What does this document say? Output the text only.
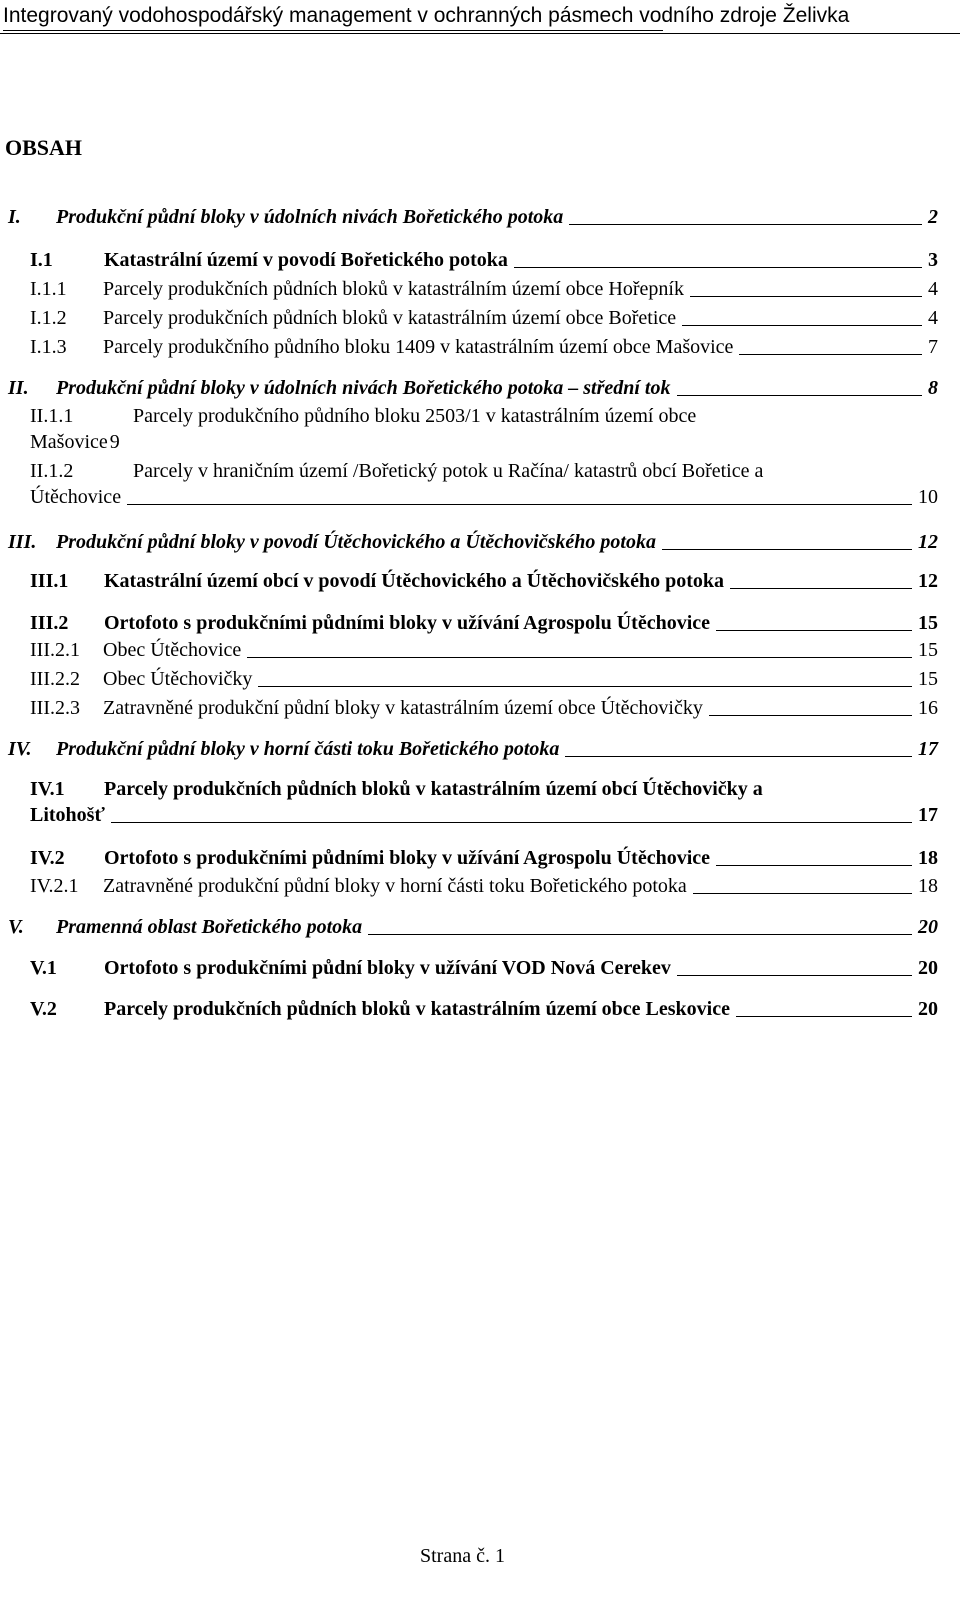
Integrovaný vodohospodářský management v ochranných pásmech vodního zdroje Želivka
OBSAH
I.	Produkční půdní bloky v údolních nivách Bořetického potoka	2
I.1	Katastrální území v povodí Bořetického potoka	3
I.1.1	Parcely produkčních půdních bloků v katastrálním území obce Hořepník	4
I.1.2	Parcely produkčních půdních bloků v katastrálním území obce Bořetice	4
I.1.3	Parcely produkčního půdního bloku 1409 v katastrálním území obce Mašovice	7
II.	Produkční půdní bloky v údolních nivách Bořetického potoka – střední tok	8
II.1.1	Parcely produkčního půdního bloku 2503/1 v katastrálním území obce
Mašovice 9
II.1.2	Parcely v hraničním území /Bořetický potok u Račína/ katastrů obcí Bořetice a
Útěchovice	10
III. Produkční půdní bloky v povodí Útěchovického a Útěchovičského potoka	12
III.1	Katastrální území obcí v povodí Útěchovického a Útěchovičského potoka	12
III.2	Ortofoto s produkčními půdními bloky v užívání Agrospolu Útěchovice	15
III.2.1	Obec Útěchovice	15
III.2.2	Obec Útěchovičky	15
III.2.3	Zatravněné produkční půdní bloky v katastrálním území obce Útěchovičky	16
IV.	Produkční půdní bloky v horní části toku Bořetického potoka	17
IV.1	Parcely produkčních půdních bloků v katastrálním území obcí Útěchovičky a
Litohošť	17
IV.2	Ortofoto s produkčními půdními bloky v užívání Agrospolu Útěchovice	18
IV.2.1	Zatravněné produkční půdní bloky v horní části toku Bořetického potoka	18
V.	Pramenná oblast Bořetického potoka	20
V.1	Ortofoto s produkčními půdní bloky v užívání VOD Nová Cerekev	20
V.2	Parcely produkčních půdních bloků v katastrálním území obce Leskovice	20
Strana č. 1
